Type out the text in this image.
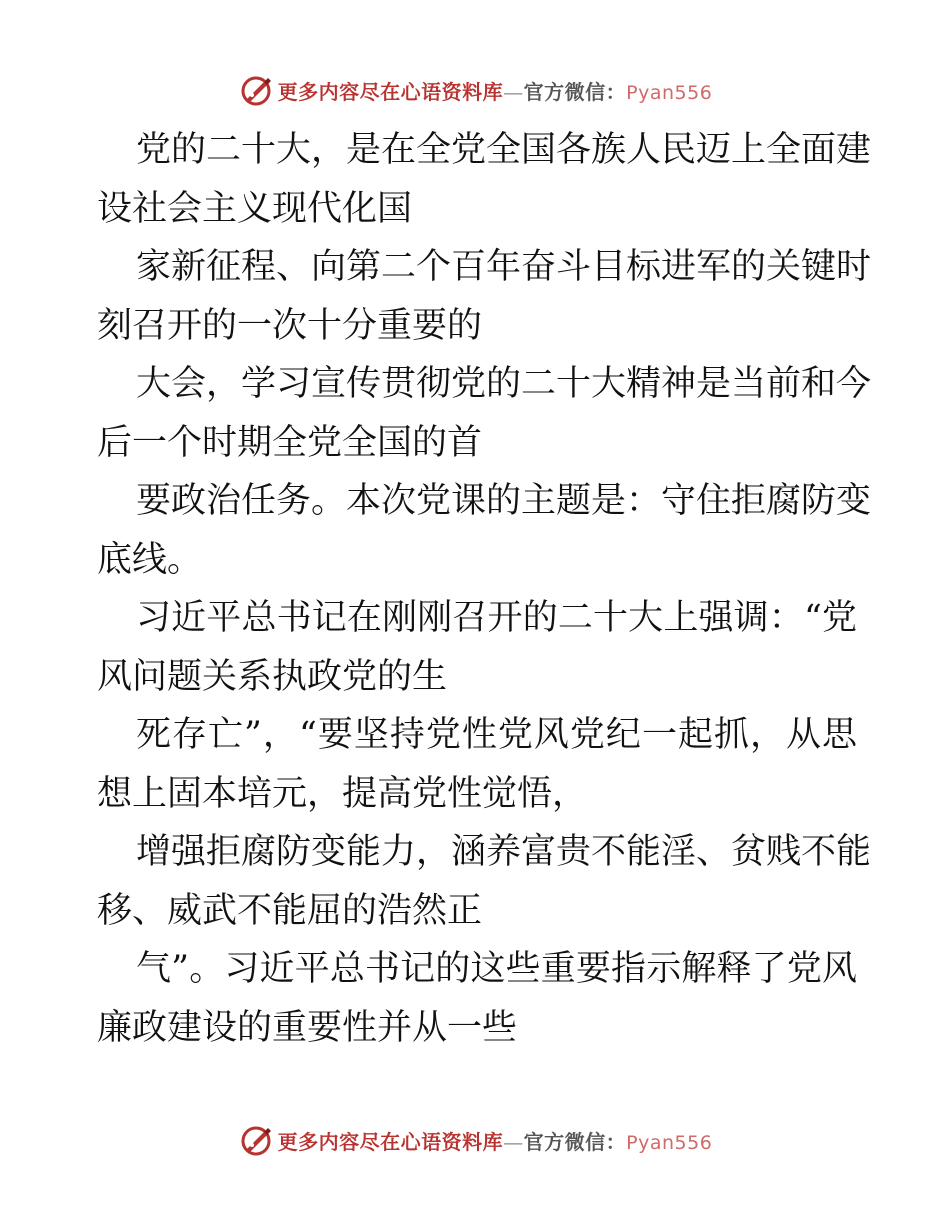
更多内容尽在心语资料库—官方微信：Pyan556
党的二十大，是在全党全国各族人民迈上全面建
设社会主义现代化国
家新征程、向第二个百年奋斗目标进军的关键时
刻召开的一次十分重要的
大会，学习宣传贯彻党的二十大精神是当前和今
后一个时期全党全国的首
要政治任务。本次党课的主题是：守住拒腐防变
底线。
习近平总书记在刚刚召开的二十大上强调：“党
风问题关系执政党的生
死存亡”，“要坚持党性党风党纪一起抓，从思
想上固本培元，提高党性觉悟，
增强拒腐防变能力，涵养富贵不能淫、贫贱不能
移、威武不能屈的浩然正
气”。习近平总书记的这些重要指示解释了党风
廉政建设的重要性并从一些
更多内容尽在心语资料库—官方微信：Pyan556
